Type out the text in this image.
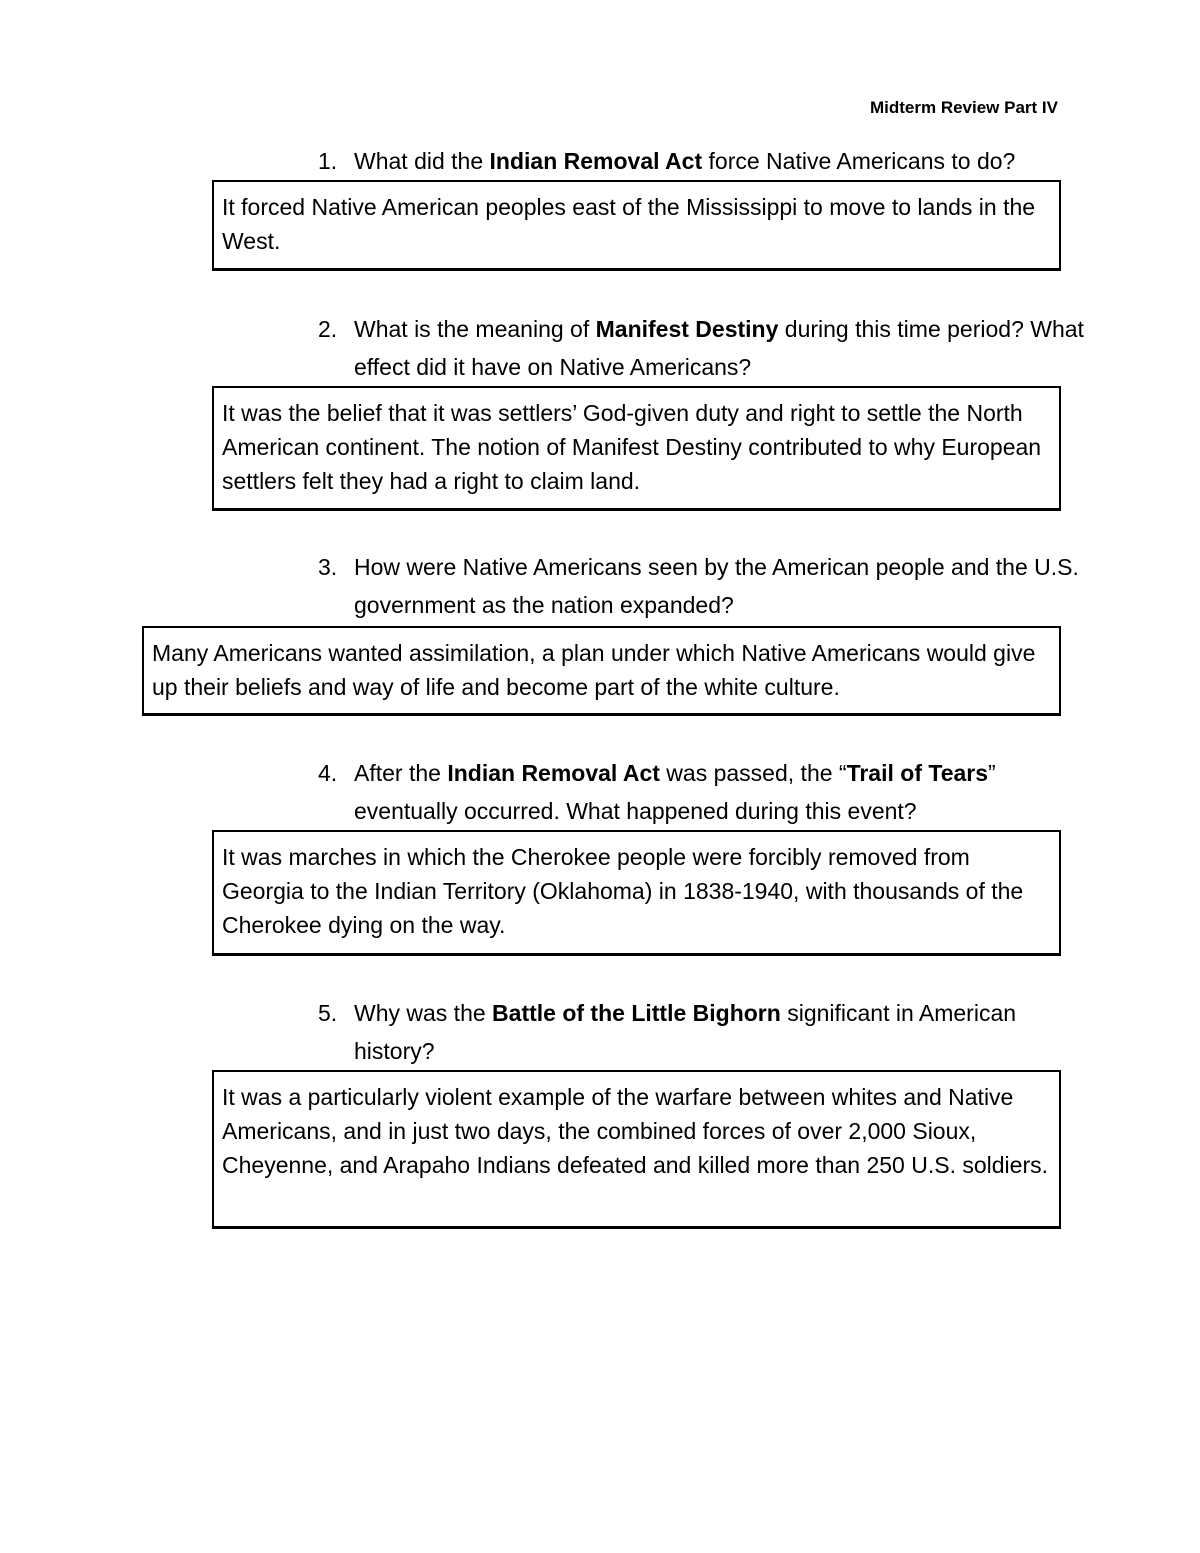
Midterm Review Part IV
1. What did the Indian Removal Act force Native Americans to do?
It forced Native American peoples east of the Mississippi to move to lands in the West.
2. What is the meaning of Manifest Destiny during this time period? What effect did it have on Native Americans?
It was the belief that it was settlers’ God-given duty and right to settle the North American continent. The notion of Manifest Destiny contributed to why European settlers felt they had a right to claim land.
3. How were Native Americans seen by the American people and the U.S. government as the nation expanded?
Many Americans wanted assimilation, a plan under which Native Americans would give up their beliefs and way of life and become part of the white culture.
4. After the Indian Removal Act was passed, the “Trail of Tears” eventually occurred. What happened during this event?
It was marches in which the Cherokee people were forcibly removed from Georgia to the Indian Territory (Oklahoma) in 1838-1940, with thousands of the Cherokee dying on the way.
5. Why was the Battle of the Little Bighorn significant in American history?
It was a particularly violent example of the warfare between whites and Native Americans, and in just two days, the combined forces of over 2,000 Sioux, Cheyenne, and Arapaho Indians defeated and killed more than 250 U.S. soldiers.
